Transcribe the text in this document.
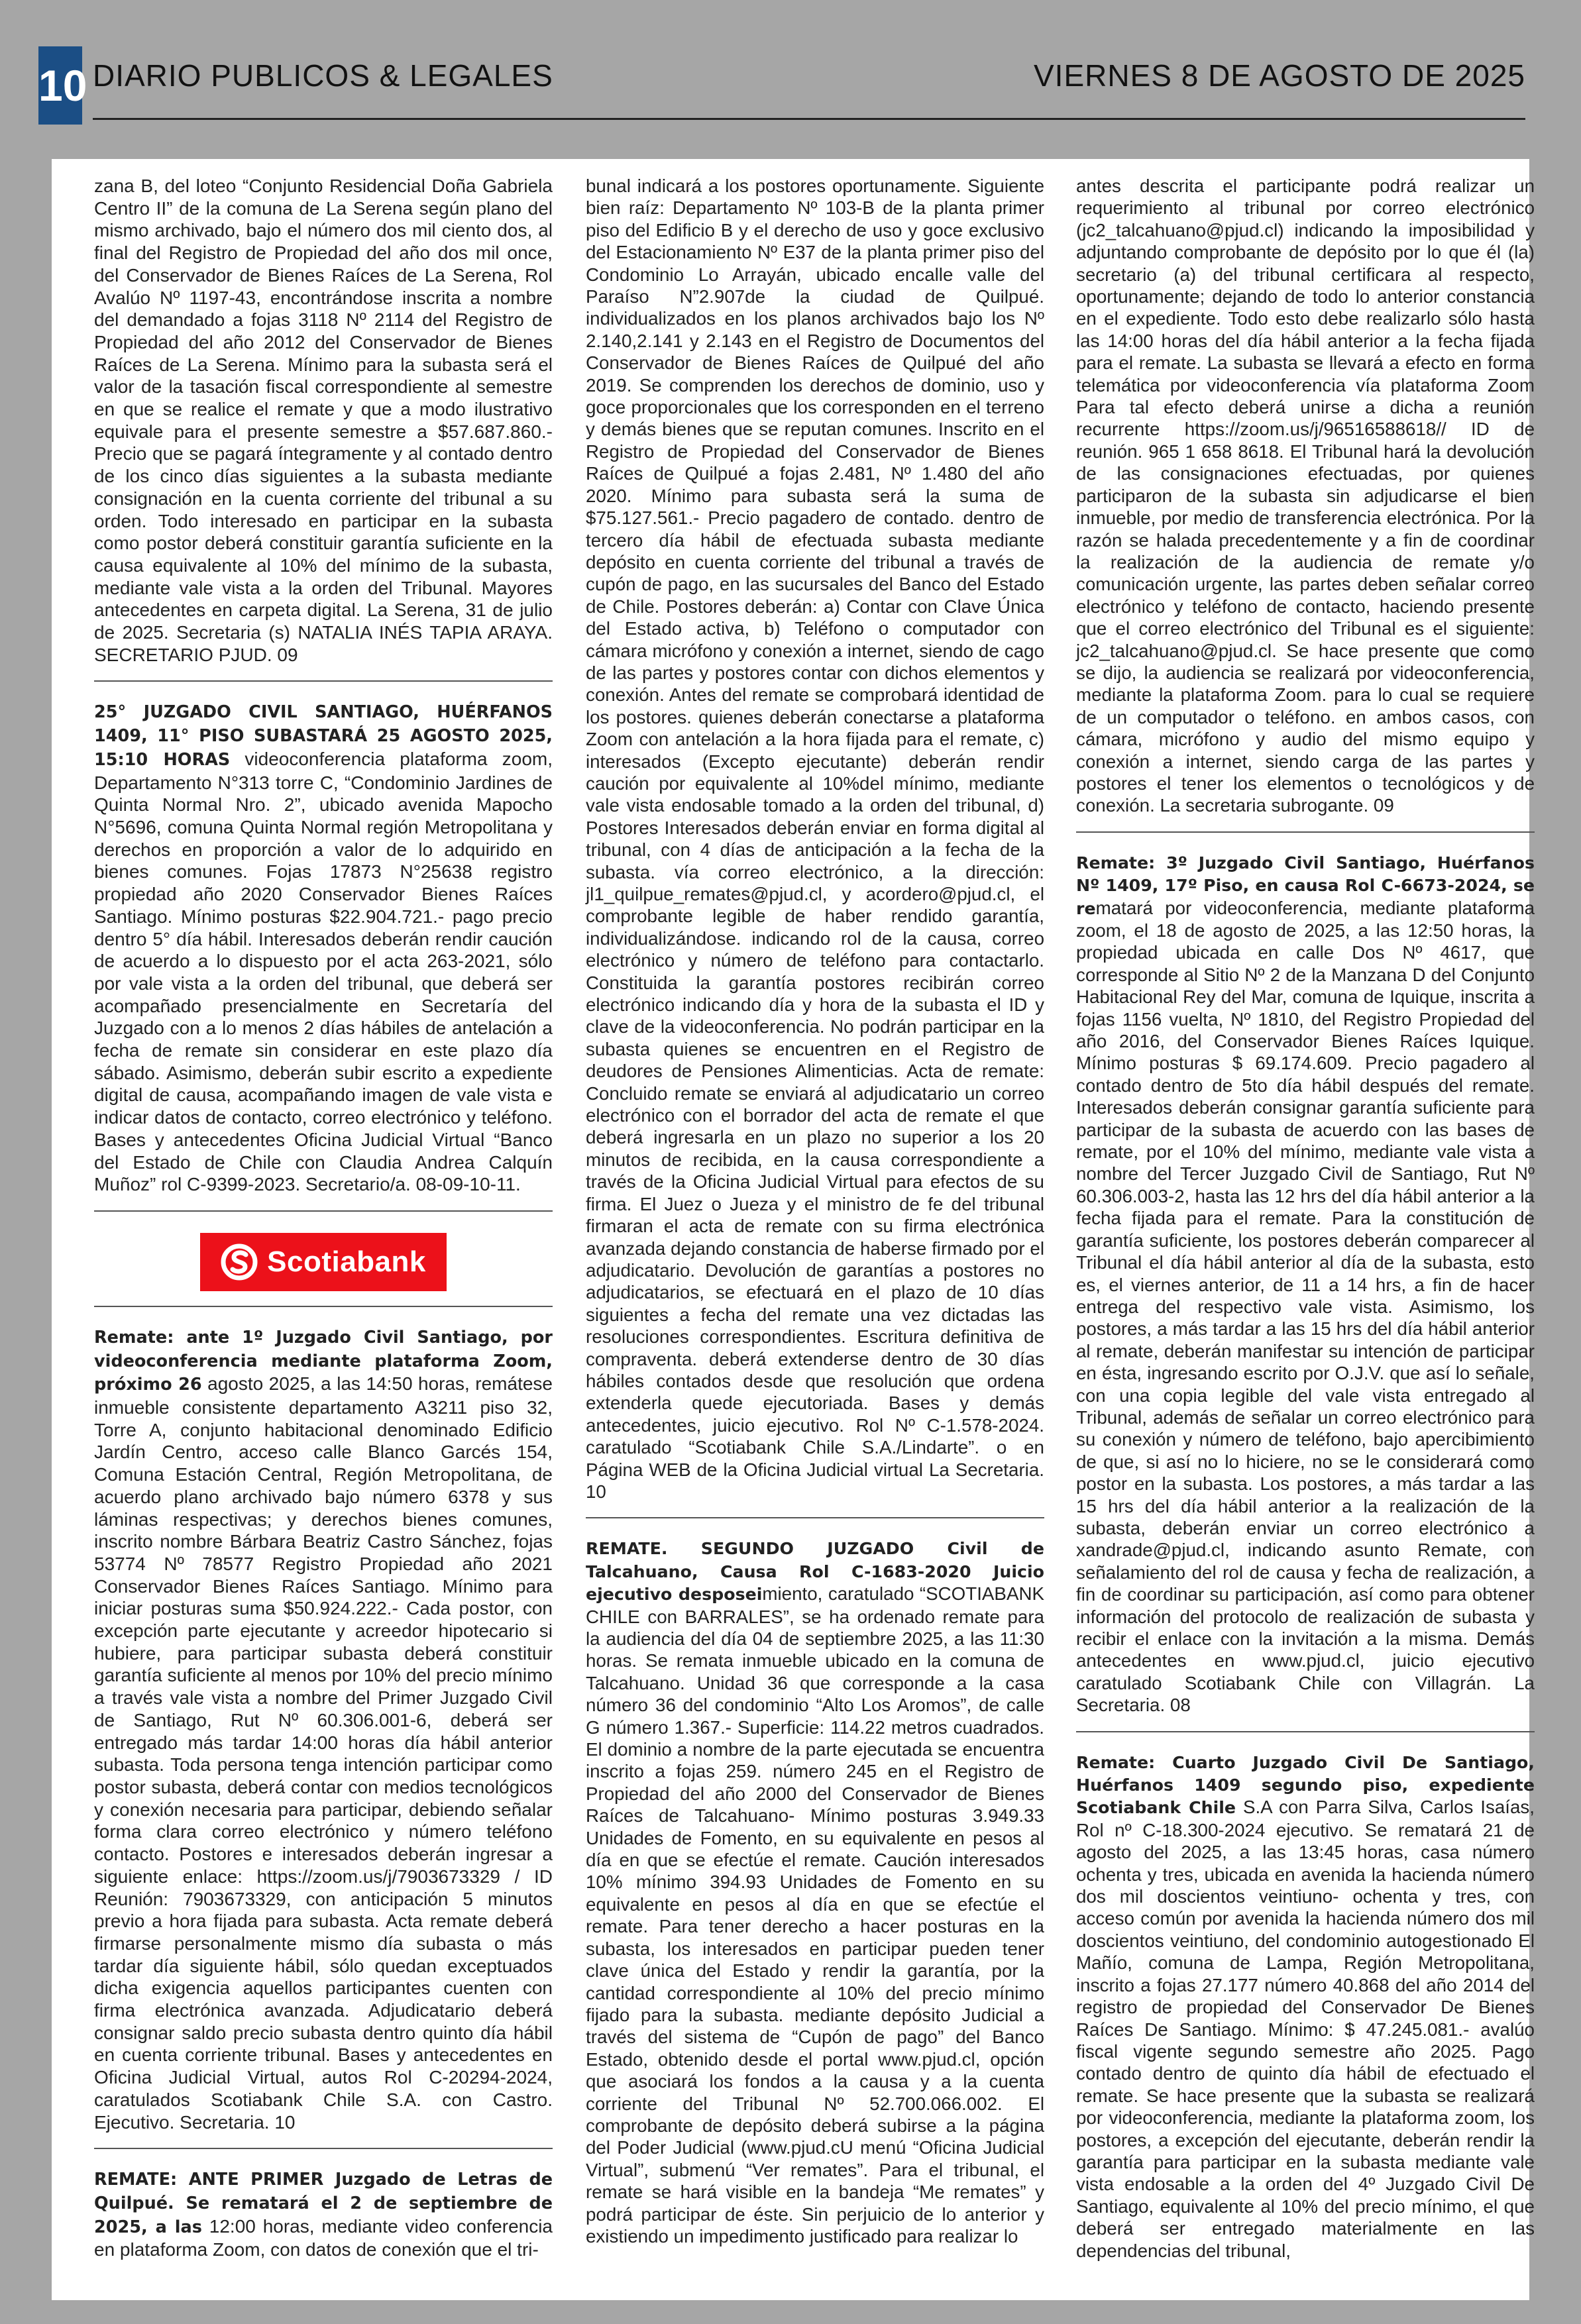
10 DIARIO PUBLICOS & LEGALES	VIERNES 8 DE AGOSTO DE 2025

zana B, del loteo “Conjunto Residencial Doña Gabriela Centro II” de la comuna de La Serena según plano del mismo archivado, bajo el número dos mil ciento dos, al final del Registro de Propiedad del año dos mil once, del Conservador de Bienes Raíces de La Serena, Rol Avalúo Nº 1197-43, encontrándose inscrita a nombre del demandado a fojas 3118 Nº 2114 del Registro de Propiedad del año 2012 del Conservador de Bienes Raíces de La Serena. Mínimo para la subasta será el valor de la tasación fiscal correspondiente al semestre en que se realice el remate y que a modo ilustrativo equivale para el presente semestre a $57.687.860.- Precio que se pagará íntegramente y al contado dentro de los cinco días siguientes a la subasta mediante consignación en la cuenta corriente del tribunal a su orden. Todo interesado en participar en la subasta como postor deberá constituir garantía suficiente en la causa equivalente al 10% del mínimo de la subasta, mediante vale vista a la orden del Tribunal. Mayores antecedentes en carpeta digital. La Serena, 31 de julio de 2025. Secretaria (s) NATALIA INÉS TAPIA ARAYA. SECRETARIO PJUD. 09

25° JUZGADO CIVIL SANTIAGO, HUÉRFANOS 1409, 11° PISO SUBASTARÁ 25 AGOSTO 2025, 15:10 HORAS videoconferencia plataforma zoom, Departamento N°313 torre C, “Condominio Jardines de Quinta Normal Nro. 2”, ubicado avenida Mapocho N°5696, comuna Quinta Normal región Metropolitana y derechos en proporción a valor de lo adquirido en bienes comunes. Fojas 17873 N°25638 registro propiedad año 2020 Conservador Bienes Raíces Santiago. Mínimo posturas $22.904.721.- pago precio dentro 5° día hábil. Interesados deberán rendir caución de acuerdo a lo dispuesto por el acta 263-2021, sólo por vale vista a la orden del tribunal, que deberá ser acompañado presencialmente en Secretaría del Juzgado con a lo menos 2 días hábiles de antelación a fecha de remate sin considerar en este plazo día sábado. Asimismo, deberán subir escrito a expediente digital de causa, acompañando imagen de vale vista e indicar datos de contacto, correo electrónico y teléfono. Bases y antecedentes Oficina Judicial Virtual “Banco del Estado de Chile con Claudia Andrea Calquín Muñoz” rol C-9399-2023. Secretario/a. 08-09-10-11.

Scotiabank

Remate: ante 1º Juzgado Civil Santiago, por videoconferencia mediante plataforma Zoom, próximo 26 agosto 2025, a las 14:50 horas, remátese inmueble consistente departamento A3211 piso 32, Torre A, conjunto habitacional denominado Edificio Jardín Centro, acceso calle Blanco Garcés 154, Comuna Estación Central, Región Metropolitana, de acuerdo plano archivado bajo número 6378 y sus láminas respectivas; y derechos bienes comunes, inscrito nombre Bárbara Beatriz Castro Sánchez, fojas 53774 Nº 78577 Registro Propiedad año 2021 Conservador Bienes Raíces Santiago. Mínimo para iniciar posturas suma $50.924.222.- Cada postor, con excepción parte ejecutante y acreedor hipotecario si hubiere, para participar subasta deberá constituir garantía suficiente al menos por 10% del precio mínimo a través vale vista a nombre del Primer Juzgado Civil de Santiago, Rut Nº 60.306.001-6, deberá ser entregado más tardar 14:00 horas día hábil anterior subasta. Toda persona tenga intención participar como postor subasta, deberá contar con medios tecnológicos y conexión necesaria para participar, debiendo señalar forma clara correo electrónico y número teléfono contacto. Postores e interesados deberán ingresar a siguiente enlace: https://zoom.us/j/7903673329 / ID Reunión: 7903673329, con anticipación 5 minutos previo a hora fijada para subasta. Acta remate deberá firmarse personalmente mismo día subasta o más tardar día siguiente hábil, sólo quedan exceptuados dicha exigencia aquellos participantes cuenten con firma electrónica avanzada. Adjudicatario deberá consignar saldo precio subasta dentro quinto día hábil en cuenta corriente tribunal. Bases y antecedentes en Oficina Judicial Virtual, autos Rol C-20294-2024, caratulados Scotiabank Chile S.A. con Castro. Ejecutivo. Secretaria. 10

REMATE: ANTE PRIMER Juzgado de Letras de Quilpué. Se rematará el 2 de septiembre de 2025, a las 12:00 horas, mediante video conferencia en plataforma Zoom, con datos de conexión que el tri-

bunal indicará a los postores oportunamente. Siguiente bien raíz: Departamento Nº 103-B de la planta primer piso del Edificio B y el derecho de uso y goce exclusivo del Estacionamiento Nº E37 de la planta primer piso del Condominio Lo Arrayán, ubicado encalle valle del Paraíso N”2.907de la ciudad de Quilpué. individualizados en los planos archivados bajo los Nº 2.140,2.141 y 2.143 en el Registro de Documentos del Conservador de Bienes Raíces de Quilpué del año 2019. Se comprenden los derechos de dominio, uso y goce proporcionales que los corresponden en el terreno y demás bienes que se reputan comunes. Inscrito en el Registro de Propiedad del Conservador de Bienes Raíces de Quilpué a fojas 2.481, Nº 1.480 del año 2020. Mínimo para subasta será la suma de $75.127.561.- Precio pagadero de contado. dentro de tercero día hábil de efectuada subasta mediante depósito en cuenta corriente del tribunal a través de cupón de pago, en las sucursales del Banco del Estado de Chile. Postores deberán: a) Contar con Clave Única del Estado activa, b) Teléfono o computador con cámara micrófono y conexión a internet, siendo de cago de las partes y postores contar con dichos elementos y conexión. Antes del remate se comprobará identidad de los postores. quienes deberán conectarse a plataforma Zoom con antelación a la hora fijada para el remate, c) interesados (Excepto ejecutante) deberán rendir caución por equivalente al 10%del mínimo, mediante vale vista endosable tomado a la orden del tribunal, d) Postores Interesados deberán enviar en forma digital al tribunal, con 4 días de anticipación a la fecha de la subasta. vía correo electrónico, a la dirección: jl1_quilpue_remates@pjud.cl, y acordero@pjud.cl, el comprobante legible de haber rendido garantía, individualizándose. indicando rol de la causa, correo electrónico y número de teléfono para contactarlo. Constituida la garantía postores recibirán correo electrónico indicando día y hora de la subasta el ID y clave de la videoconferencia. No podrán participar en la subasta quienes se encuentren en el Registro de deudores de Pensiones Alimenticias. Acta de remate: Concluido remate se enviará al adjudicatario un correo electrónico con el borrador del acta de remate el que deberá ingresarla en un plazo no superior a los 20 minutos de recibida, en la causa correspondiente a través de la Oficina Judicial Virtual para efectos de su firma. El Juez o Jueza y el ministro de fe del tribunal firmaran el acta de remate con su firma electrónica avanzada dejando constancia de haberse firmado por el adjudicatario. Devolución de garantías a postores no adjudicatarios, se efectuará en el plazo de 10 días siguientes a fecha del remate una vez dictadas las resoluciones correspondientes. Escritura definitiva de compraventa. deberá extenderse dentro de 30 días hábiles contados desde que resolución que ordena extenderla quede ejecutoriada. Bases y demás antecedentes, juicio ejecutivo. Rol Nº C-1.578-2024. caratulado “Scotiabank Chile S.A./Lindarte”. o en Página WEB de la Oficina Judicial virtual La Secretaria. 10

REMATE. SEGUNDO JUZGADO Civil de Talcahuano, Causa Rol C-1683-2020 Juicio ejecutivo desposeimiento, caratulado “SCOTIABANK CHILE con BARRALES”, se ha ordenado remate para la audiencia del día 04 de septiembre 2025, a las 11:30 horas. Se remata inmueble ubicado en la comuna de Talcahuano. Unidad 36 que corresponde a la casa número 36 del condominio “Alto Los Aromos”, de calle G número 1.367.- Superficie: 114.22 metros cuadrados. El dominio a nombre de la parte ejecutada se encuentra inscrito a fojas 259. número 245 en el Registro de Propiedad del año 2000 del Conservador de Bienes Raíces de Talcahuano- Mínimo posturas 3.949.33 Unidades de Fomento, en su equivalente en pesos al día en que se efectúe el remate. Caución interesados 10% mínimo 394.93 Unidades de Fomento en su equivalente en pesos al día en que se efectúe el remate. Para tener derecho a hacer posturas en la subasta, los interesados en participar pueden tener clave única del Estado y rendir la garantía, por la cantidad correspondiente al 10% del precio mínimo fijado para la subasta. mediante depósito Judicial a través del sistema de “Cupón de pago” del Banco Estado, obtenido desde el portal www.pjud.cl, opción que asociará los fondos a la causa y a la cuenta corriente del Tribunal Nº 52.700.066.002. El comprobante de depósito deberá subirse a la página del Poder Judicial (www.pjud.cU menú “Oficina Judicial Virtual”, submenú “Ver remates”. Para el tribunal, el remate se hará visible en la bandeja “Me remates” y podrá participar de éste. Sin perjuicio de lo anterior y existiendo un impedimento justificado para realizar lo

antes descrita el participante podrá realizar un requerimiento al tribunal por correo electrónico (jc2_talcahuano@pjud.cl) indicando la imposibilidad y adjuntando comprobante de depósito por lo que él (la) secretario (a) del tribunal certificara al respecto, oportunamente; dejando de todo lo anterior constancia en el expediente. Todo esto debe realizarlo sólo hasta las 14:00 horas del día hábil anterior a la fecha fijada para el remate. La subasta se llevará a efecto en forma telemática por videoconferencia vía plataforma Zoom Para tal efecto deberá unirse a dicha a reunión recurrente https://zoom.us/j/96516588618// ID de reunión. 965 1 658 8618. El Tribunal hará la devolución de las consignaciones efectuadas, por quienes participaron de la subasta sin adjudicarse el bien inmueble, por medio de transferencia electrónica. Por la razón se halada precedentemente y a fin de coordinar la realización de la audiencia de remate y/o comunicación urgente, las partes deben señalar correo electrónico y teléfono de contacto, haciendo presente que el correo electrónico del Tribunal es el siguiente: jc2_talcahuano@pjud.cl. Se hace presente que como se dijo, la audiencia se realizará por videoconferencia, mediante la plataforma Zoom. para lo cual se requiere de un computador o teléfono. en ambos casos, con cámara, micrófono y audio del mismo equipo y conexión a internet, siendo carga de las partes y postores el tener los elementos o tecnológicos y de conexión. La secretaria subrogante. 09

Remate: 3º Juzgado Civil Santiago, Huérfanos Nº 1409, 17º Piso, en causa Rol C-6673-2024, se rematará por videoconferencia, mediante plataforma zoom, el 18 de agosto de 2025, a las 12:50 horas, la propiedad ubicada en calle Dos Nº 4617, que corresponde al Sitio Nº 2 de la Manzana D del Conjunto Habitacional Rey del Mar, comuna de Iquique, inscrita a fojas 1156 vuelta, Nº 1810, del Registro Propiedad del año 2016, del Conservador Bienes Raíces Iquique. Mínimo posturas $ 69.174.609. Precio pagadero al contado dentro de 5to día hábil después del remate. Interesados deberán consignar garantía suficiente para participar de la subasta de acuerdo con las bases de remate, por el 10% del mínimo, mediante vale vista a nombre del Tercer Juzgado Civil de Santiago, Rut Nº 60.306.003-2, hasta las 12 hrs del día hábil anterior a la fecha fijada para el remate. Para la constitución de garantía suficiente, los postores deberán comparecer al Tribunal el día hábil anterior al día de la subasta, esto es, el viernes anterior, de 11 a 14 hrs, a fin de hacer entrega del respectivo vale vista. Asimismo, los postores, a más tardar a las 15 hrs del día hábil anterior al remate, deberán manifestar su intención de participar en ésta, ingresando escrito por O.J.V. que así lo señale, con una copia legible del vale vista entregado al Tribunal, además de señalar un correo electrónico para su conexión y número de teléfono, bajo apercibimiento de que, si así no lo hiciere, no se le considerará como postor en la subasta. Los postores, a más tardar a las 15 hrs del día hábil anterior a la realización de la subasta, deberán enviar un correo electrónico a xandrade@pjud.cl, indicando asunto Remate, con señalamiento del rol de causa y fecha de realización, a fin de coordinar su participación, así como para obtener información del protocolo de realización de subasta y recibir el enlace con la invitación a la misma. Demás antecedentes en www.pjud.cl, juicio ejecutivo caratulado Scotiabank Chile con Villagrán. La Secretaria. 08

Remate: Cuarto Juzgado Civil De Santiago, Huérfanos 1409 segundo piso, expediente Scotiabank Chile S.A con Parra Silva, Carlos Isaías, Rol nº C-18.300-2024 ejecutivo. Se rematará 21 de agosto del 2025, a las 13:45 horas, casa número ochenta y tres, ubicada en avenida la hacienda número dos mil doscientos veintiuno- ochenta y tres, con acceso común por avenida la hacienda número dos mil doscientos veintiuno, del condominio autogestionado El Mañío, comuna de Lampa, Región Metropolitana, inscrito a fojas 27.177 número 40.868 del año 2014 del registro de propiedad del Conservador De Bienes Raíces De Santiago. Mínimo: $ 47.245.081.- avalúo fiscal vigente segundo semestre año 2025. Pago contado dentro de quinto día hábil de efectuado el remate. Se hace presente que la subasta se realizará por videoconferencia, mediante la plataforma zoom, los postores, a excepción del ejecutante, deberán rendir la garantía para participar en la subasta mediante vale vista endosable a la orden del 4º Juzgado Civil De Santiago, equivalente al 10% del precio mínimo, el que deberá ser entregado materialmente en las dependencias del tribunal,
